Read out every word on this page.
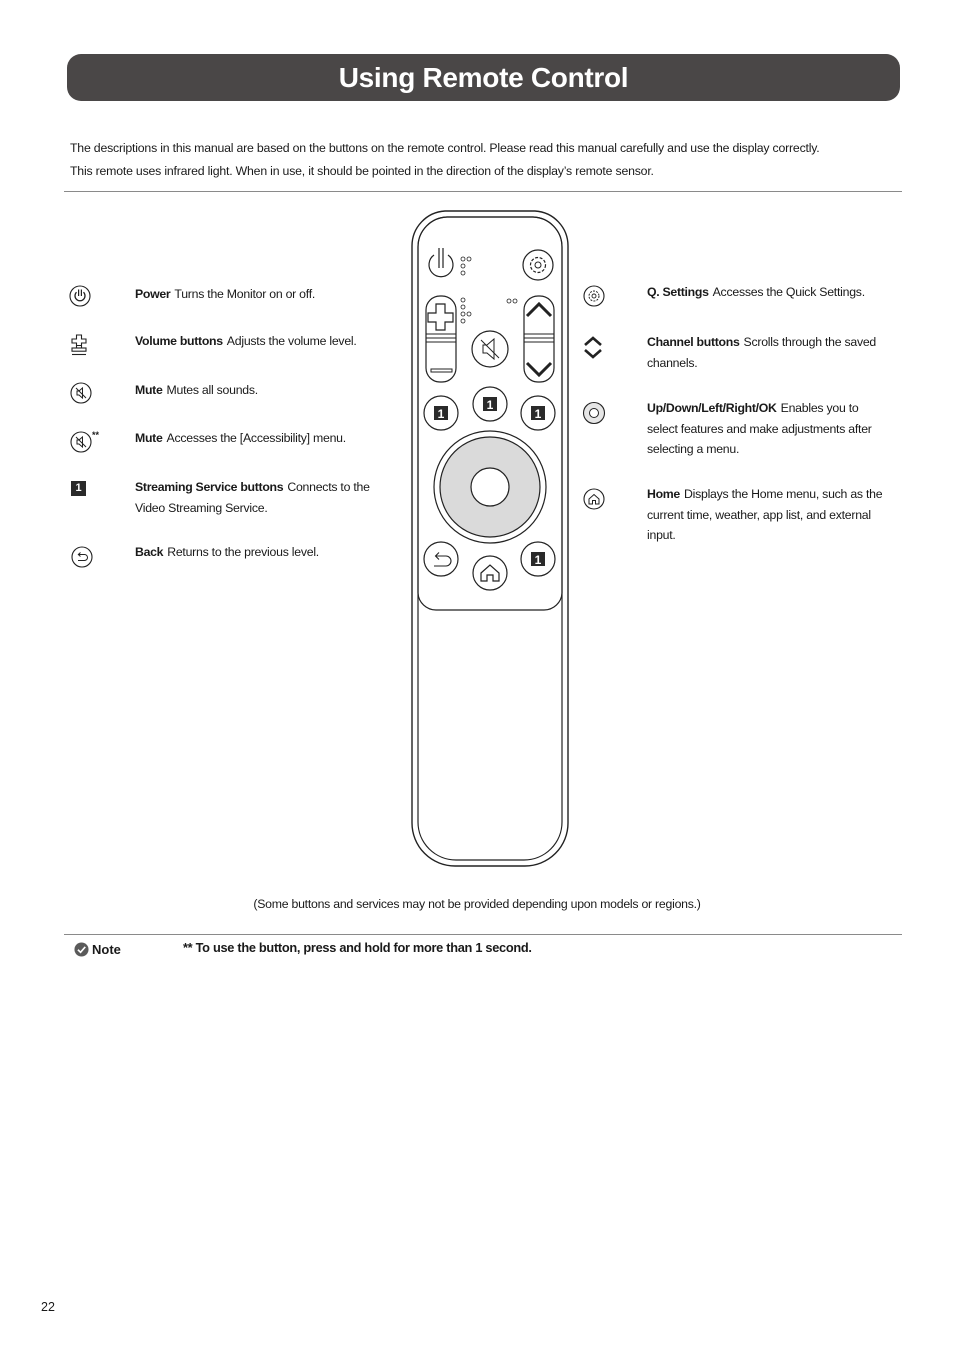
Using Remote Control

The descriptions in this manual are based on the buttons on the remote control. Please read this manual carefully and use the display correctly.

This remote uses infrared light. When in use, it should be pointed in the direction of the display’s remote sensor.

Power Turns the Monitor on or off.
Volume buttons Adjusts the volume level.
Mute Mutes all sounds.
**	Mute Accesses the [Accessibility] menu.
1	Streaming Service buttons Connects to the Video Streaming Service.
Back Returns to the previous level.
1
1
1
1
Q. Settings Accesses the Quick Settings.
Channel buttons Scrolls through the saved channels.
Up/Down/Left/Right/OK Enables you to select features and make adjustments after selecting a menu.
Home Displays the Home menu, such as the current time, weather, app list, and external input.
(Some buttons and services may not be provided depending upon models or regions.)
Note	** To use the button, press and hold for more than 1 second.
22
